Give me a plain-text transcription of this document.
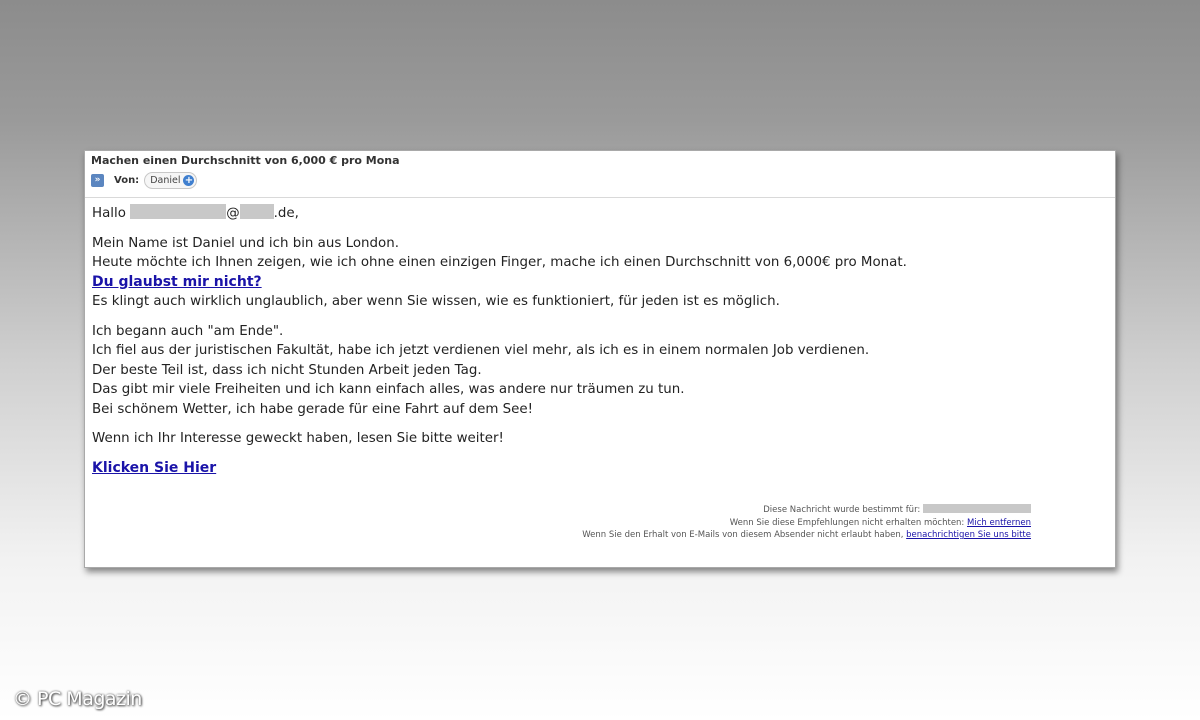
Machen einen Durchschnitt von 6,000 € pro Mona
»	Von: Daniel +

Hallo	@	.de,

Mein Name ist Daniel und ich bin aus London.

Heute möchte ich Ihnen zeigen, wie ich ohne einen einzigen Finger, mache ich einen Durchschnitt von 6,000€ pro Monat.

Du glaubst mir nicht?

Es klingt auch wirklich unglaublich, aber wenn Sie wissen, wie es funktioniert, für jeden ist es möglich.

Ich begann auch "am Ende".

Ich fiel aus der juristischen Fakultät, habe ich jetzt verdienen viel mehr, als ich es in einem normalen Job verdienen.

Der beste Teil ist, dass ich nicht Stunden Arbeit jeden Tag.

Das gibt mir viele Freiheiten und ich kann einfach alles, was andere nur träumen zu tun.

Bei schönem Wetter, ich habe gerade für eine Fahrt auf dem See!

Wenn ich Ihr Interesse geweckt haben, lesen Sie bitte weiter!

Klicken Sie Hier

Diese Nachricht wurde bestimmt für:
Wenn Sie diese Empfehlungen nicht erhalten möchten: Mich entfernen
Wenn Sie den Erhalt von E-Mails von diesem Absender nicht erlaubt haben, benachrichtigen Sie uns bitte
© PC Magazin
